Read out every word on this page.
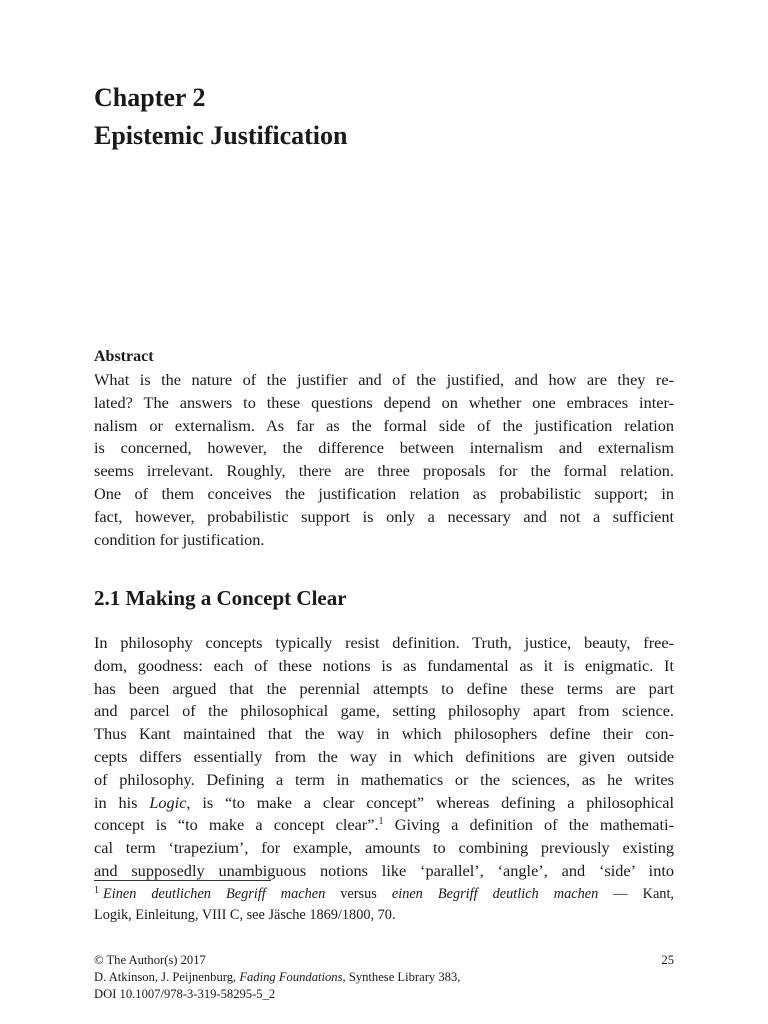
Chapter 2
Epistemic Justification
Abstract
What is the nature of the justifier and of the justified, and how are they re-
lated? The answers to these questions depend on whether one embraces inter-
nalism or externalism. As far as the formal side of the justification relation
is concerned, however, the difference between internalism and externalism
seems irrelevant. Roughly, there are three proposals for the formal relation.
One of them conceives the justification relation as probabilistic support; in
fact, however, probabilistic support is only a necessary and not a sufficient
condition for justification.
2.1 Making a Concept Clear
In philosophy concepts typically resist definition. Truth, justice, beauty, free-
dom, goodness: each of these notions is as fundamental as it is enigmatic. It
has been argued that the perennial attempts to define these terms are part
and parcel of the philosophical game, setting philosophy apart from science.
Thus Kant maintained that the way in which philosophers define their con-
cepts differs essentially from the way in which definitions are given outside
of philosophy. Defining a term in mathematics or the sciences, as he writes
in his Logic, is “to make a clear concept” whereas defining a philosophical
concept is “to make a concept clear”.$^1$ Giving a definition of the mathemati-
cal term ‘trapezium’, for example, amounts to combining previously existing
and supposedly unambiguous notions like ‘parallel’, ‘angle’, and ‘side’ into
$^1$ Einen deutlichen Begriff machen versus einen Begriff deutlich machen — Kant,
Logik, Einleitung, VIII C, see Jäsche 1869/1800, 70.
© The Author(s) 2017
D. Atkinson, J. Peijnenburg, Fading Foundations, Synthese Library 383,
DOI 10.1007/978-3-319-58295-5_2
25
